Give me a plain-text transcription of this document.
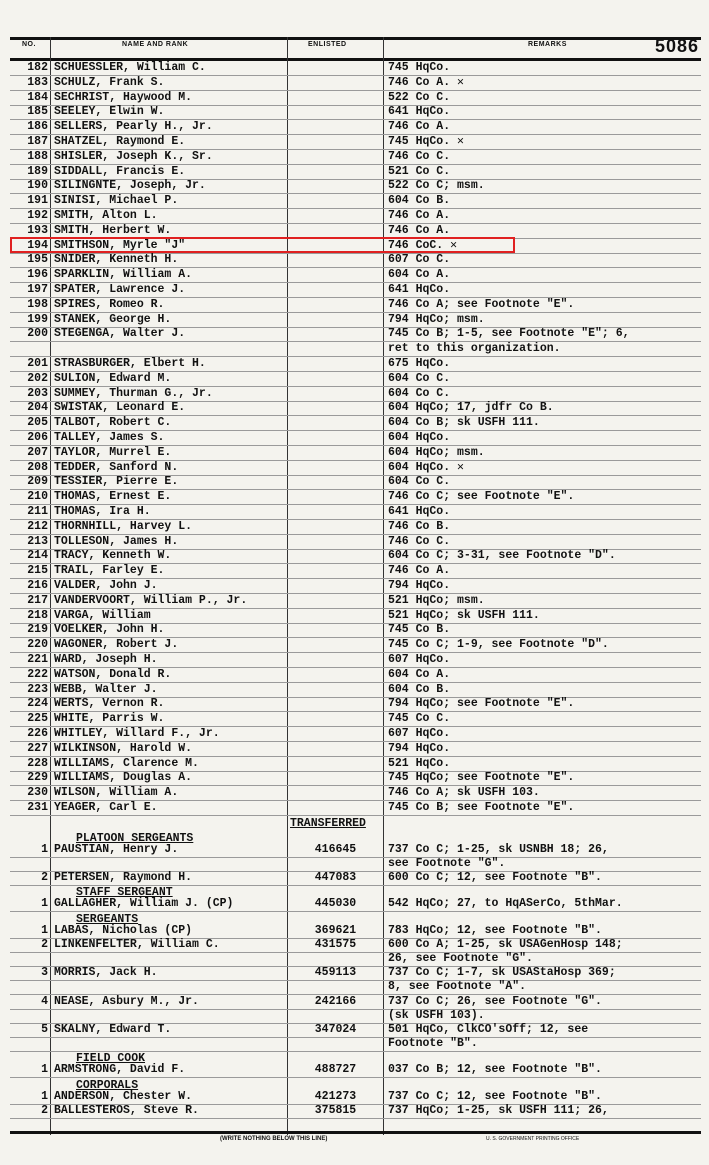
NO.	NAME AND RANK	ENLISTED	REMARKS	5086
182 SCHUESSLER, William C.	745 HqCo.
183 SCHULZ, Frank S.	746 Co A. ✕
184 SECHRIST, Haywood M.	522 Co C.
185 SEELEY, Elwin W.	641 HqCo.
186 SELLERS, Pearly H., Jr.	746 Co A.
187 SHATZEL, Raymond E.	745 HqCo. ✕
188 SHISLER, Joseph K., Sr.	746 Co C.
189 SIDDALL, Francis E.	521 Co C.
190 SILINGNTE, Joseph, Jr.	522 Co C; msm.
191 SINISI, Michael P.	604 Co B.
192 SMITH, Alton L.	746 Co A.
193 SMITH, Herbert W.	746 Co A.
194 SMITHSON, Myrle "J"	746 CoC. ✕
195 SNIDER, Kenneth H.	607 Co C.
196 SPARKLIN, William A.	604 Co A.
197 SPATER, Lawrence J.	641 HqCo.
198 SPIRES, Romeo R.	746 Co A; see Footnote "E".
199 STANEK, George H.	794 HqCo; msm.
200 STEGENGA, Walter J.	745 Co B; 1-5, see Footnote "E"; 6,
ret to this organization.
201 STRASBURGER, Elbert H.	675 HqCo.
202 SULION, Edward M.	604 Co C.
203 SUMMEY, Thurman G., Jr.	604 Co C.
204 SWISTAK, Leonard E.	604 HqCo; 17, jdfr Co B.
205 TALBOT, Robert C.	604 Co B; sk USFH 111.
206 TALLEY, James S.	604 HqCo.
207 TAYLOR, Murrel E.	604 HqCo; msm.
208 TEDDER, Sanford N.	604 HqCo. ✕
209 TESSIER, Pierre E.	604 Co C.
210 THOMAS, Ernest E.	746 Co C; see Footnote "E".
211 THOMAS, Ira H.	641 HqCo.
212 THORNHILL, Harvey L.	746 Co B.
213 TOLLESON, James H.	746 Co C.
214 TRACY, Kenneth W.	604 Co C; 3-31, see Footnote "D".
215 TRAIL, Farley E.	746 Co A.
216 VALDER, John J.	794 HqCo.
217 VANDERVOORT, William P., Jr.	521 HqCo; msm.
218 VARGA, William	521 HqCo; sk USFH 111.
219 VOELKER, John H.	745 Co B.
220 WAGONER, Robert J.	745 Co C; 1-9, see Footnote "D".
221 WARD, Joseph H.	607 HqCo.
222 WATSON, Donald R.	604 Co A.
223 WEBB, Walter J.	604 Co B.
224 WERTS, Vernon R.	794 HqCo; see Footnote "E".
225 WHITE, Parris W.	745 Co C.
226 WHITLEY, Willard F., Jr.	607 HqCo.
227 WILKINSON, Harold W.	794 HqCo.
228 WILLIAMS, Clarence M.	521 HqCo.
229 WILLIAMS, Douglas A.	745 HqCo; see Footnote "E".
230 WILSON, William A.	746 Co A; sk USFH 103.
231 YEAGER, Carl E.	745 Co B; see Footnote "E".
TRANSFERRED
PLATOON SERGEANTS
1 PAUSTIAN, Henry J.	416645	737 Co C; 1-25, sk USNBH 18; 26,
see Footnote "G".
2 PETERSEN, Raymond H.	447083	600 Co C; 12, see Footnote "B".
STAFF SERGEANT
1 GALLAGHER, William J. (CP)	445030	542 HqCo; 27, to HqASerCo, 5thMar.
SERGEANTS
1 LABAS, Nicholas (CP)	369621	783 HqCo; 12, see Footnote "B".
2 LINKENFELTER, William C.	431575	600 Co A; 1-25, sk USAGenHosp 148;
26, see Footnote "G".
3 MORRIS, Jack H.	459113	737 Co C; 1-7, sk USAStaHosp 369;
8, see Footnote "A".
4 NEASE, Asbury M., Jr.	242166	737 Co C; 26, see Footnote "G".
(sk USFH 103).
5 SKALNY, Edward T.	347024	501 HqCo, ClkCO'sOff; 12, see
Footnote "B".
FIELD COOK
1 ARMSTRONG, David F.	488727	037 Co B; 12, see Footnote "B".
CORPORALS
1 ANDERSON, Chester W.	421273	737 Co C; 12, see Footnote "B".
2 BALLESTEROS, Steve R.	375815	737 HqCo; 1-25, sk USFH 111; 26,
(WRITE NOTHING BELOW THIS LINE)	U. S. GOVERNMENT PRINTING OFFICE
